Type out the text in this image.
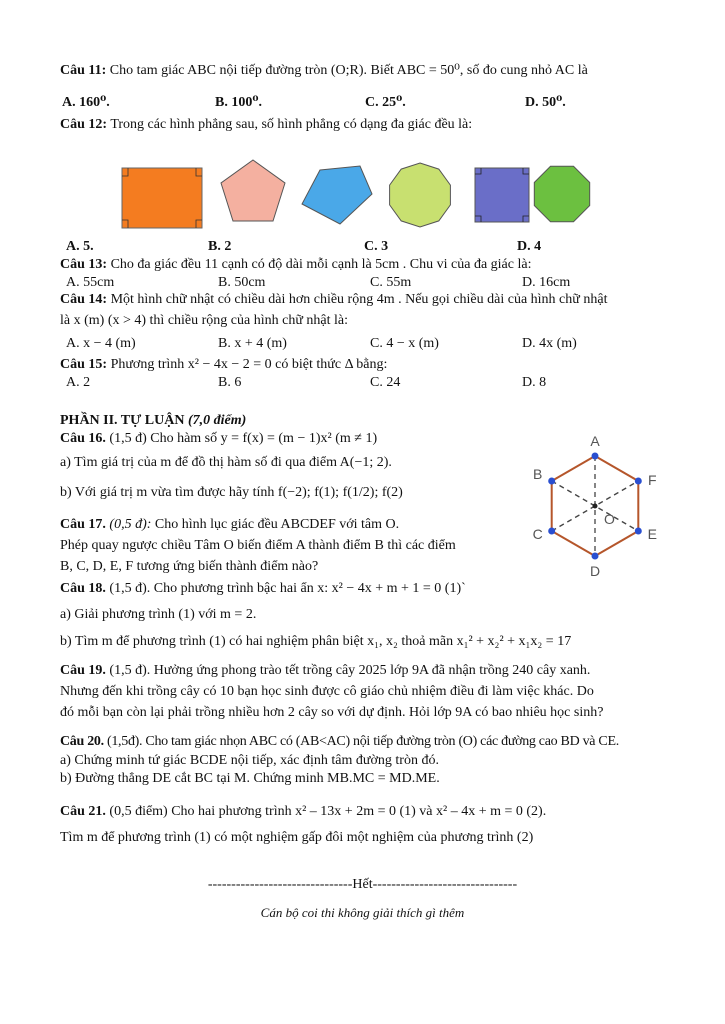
Câu 11: Cho tam giác ABC nội tiếp đường tròn (O;R). Biết ABC = 50⁰, số đo cung nhỏ AC là
A. 160⁰.	B. 100⁰.	C. 25⁰.	D. 50⁰.
Câu 12: Trong các hình phẳng sau, số hình phẳng có dạng đa giác đều là:
A. 5.	B. 2	C. 3	D. 4
Câu 13: Cho đa giác đều 11 cạnh có độ dài mỗi cạnh là 5cm . Chu vi của đa giác là:
A. 55cm	B. 50cm	C. 55m	D. 16cm
Câu 14: Một hình chữ nhật có chiều dài hơn chiều rộng 4m . Nếu gọi chiều dài của hình chữ nhật
là x (m) (x > 4) thì chiều rộng của hình chữ nhật là:
A. x − 4 (m)	B. x + 4 (m)	C. 4 − x (m)	D. 4x (m)
Câu 15: Phương trình x² − 4x − 2 = 0 có biệt thức Δ bằng:
A. 2	B. 6	C. 24	D. 8
PHẦN II. TỰ LUẬN (7,0 điểm)
Câu 16. (1,5 đ) Cho hàm số y = f(x) = (m − 1)x² (m ≠ 1)
a) Tìm giá trị của m để đồ thị hàm số đi qua điểm A(−1; 2).
b) Với giá trị m vừa tìm được hãy tính f(−2); f(1); f(1/2); f(2)
Câu 17. (0,5 đ): Cho hình lục giác đều ABCDEF với tâm O.
Phép quay ngược chiều Tâm O biến điểm A thành điểm B thì các điểm
B, C, D, E, F tương ứng biến thành điểm nào?
A
B
C
D
E
F
O
Câu 18. (1,5 đ). Cho phương trình bậc hai ẩn x: x² − 4x + m + 1 = 0 (1)`
a) Giải phương trình (1) với m = 2.
b) Tìm m để phương trình (1) có hai nghiệm phân biệt x₁, x₂ thoả mãn x₁² + x₂² + x₁x₂ = 17
Câu 19. (1,5 đ). Hưởng ứng phong trào tết trồng cây 2025 lớp 9A đã nhận trồng 240 cây xanh.
Nhưng đến khi trồng cây có 10 bạn học sinh được cô giáo chủ nhiệm điều đi làm việc khác. Do
đó mỗi bạn còn lại phải trồng nhiều hơn 2 cây so với dự định. Hỏi lớp 9A có bao nhiêu học sinh?
Câu 20. (1,5đ). Cho tam giác nhọn ABC có (AB<AC) nội tiếp đường tròn (O) các đường cao BD và CE.
a) Chứng minh tứ giác BCDE nội tiếp, xác định tâm đường tròn đó.
b) Đường thẳng DE cắt BC tại M. Chứng minh MB.MC = MD.ME.
Câu 21. (0,5 điểm) Cho hai phương trình x² – 13x + 2m = 0 (1) và x² – 4x + m = 0 (2).
Tìm m để phương trình (1) có một nghiệm gấp đôi một nghiệm của phương trình (2)
-------------------------------Hết-------------------------------
Cán bộ coi thi không giải thích gì thêm
